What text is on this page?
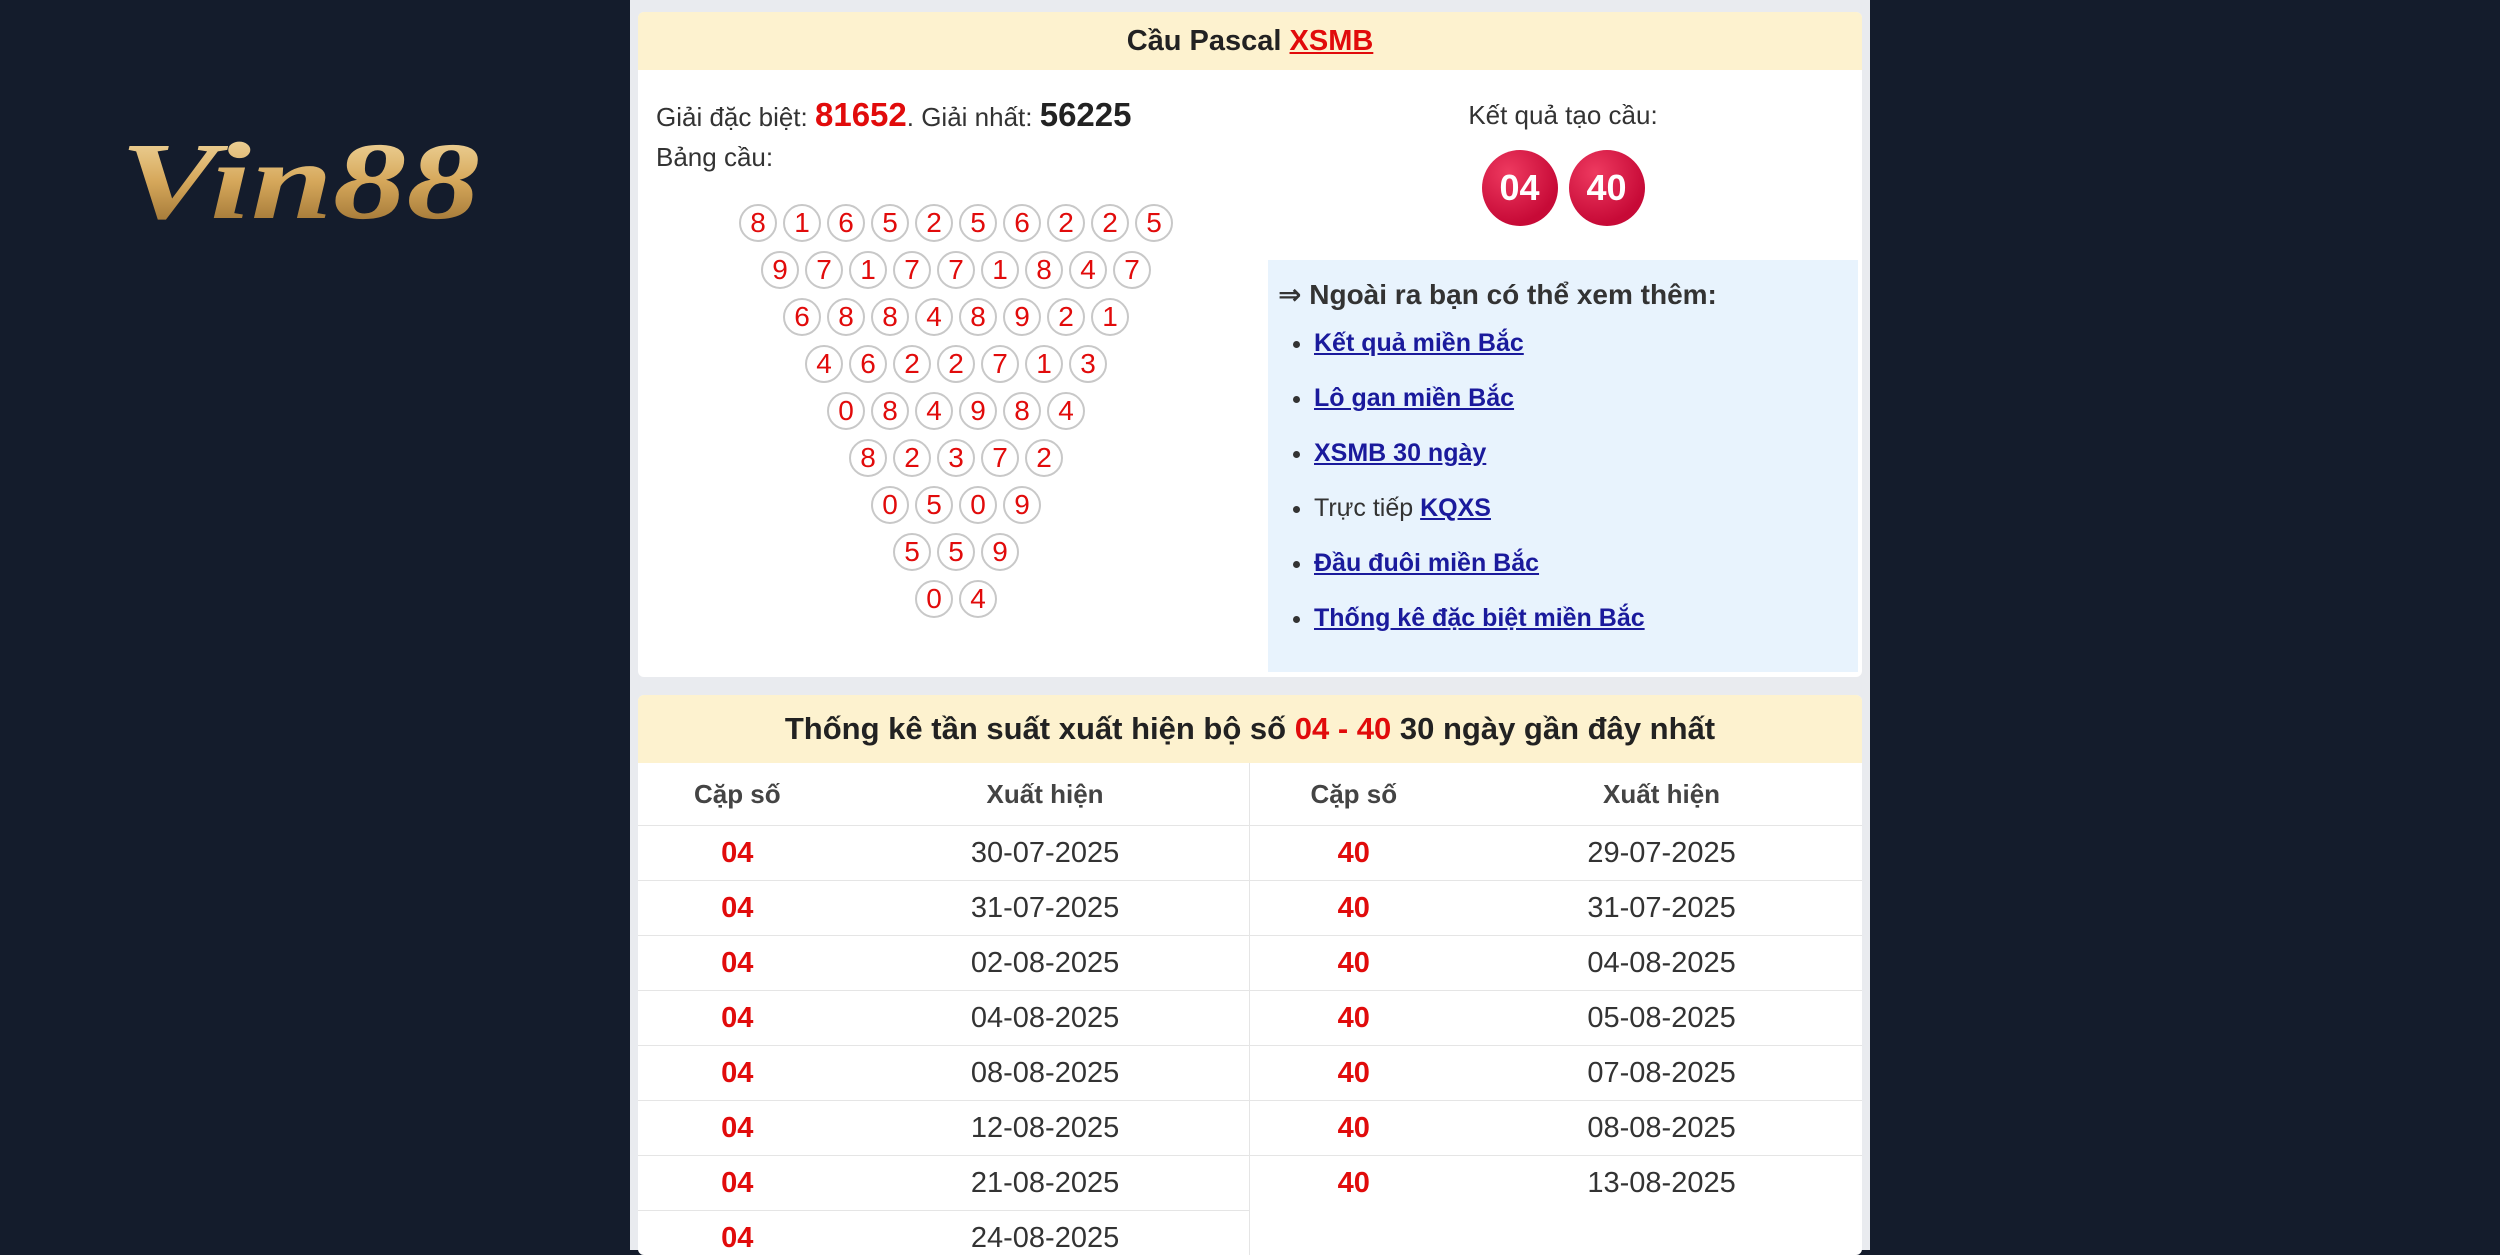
Vin88
Cầu Pascal XSMB
Giải đặc biệt: 81652. Giải nhất: 56225
Bảng cầu:
8	1	6	5	2	5	6	2	2	5
9	7	1	7	7	1	8	4	7
6	8	8	4	8	9	2	1
4	6	2	2	7	1	3
0	8	4	9	8	4
8	2	3	7	2
0	5	0	9
5	5	9
0	4
Kết quả tạo cầu:
04	40
⇒ Ngoài ra bạn có thể xem thêm:
• Kết quả miền Bắc
• Lô gan miền Bắc
• XSMB 30 ngày
• Trực tiếp KQXS
• Đầu đuôi miền Bắc
• Thống kê đặc biệt miền Bắc
Thống kê tần suất xuất hiện bộ số 04 - 40 30 ngày gần đây nhất
Cặp số	Xuất hiện	Cặp số	Xuất hiện
04	30-07-2025	40	29-07-2025
04	31-07-2025	40	31-07-2025
04	02-08-2025	40	04-08-2025
04	04-08-2025	40	05-08-2025
04	08-08-2025	40	07-08-2025
04	12-08-2025	40	08-08-2025
04	21-08-2025	40	13-08-2025
04	24-08-2025		
